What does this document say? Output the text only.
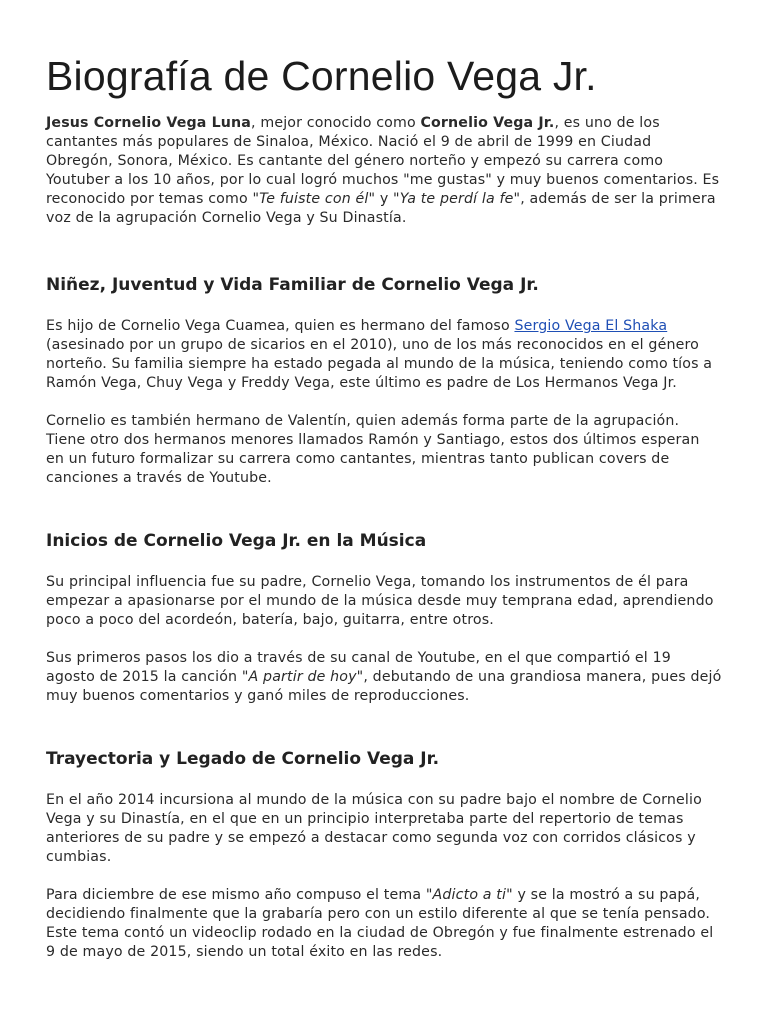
Biografía de Cornelio Vega Jr.

Jesus Cornelio Vega Luna, mejor conocido como Cornelio Vega Jr., es uno de los cantantes más populares de Sinaloa, México. Nació el 9 de abril de 1999 en Ciudad Obregón, Sonora, México. Es cantante del género norteño y empezó su carrera como Youtuber a los 10 años, por lo cual logró muchos "me gustas" y muy buenos comentarios. Es reconocido por temas como "Te fuiste con él" y "Ya te perdí la fe", además de ser la primera voz de la agrupación Cornelio Vega y Su Dinastía.

Niñez, Juventud y Vida Familiar de Cornelio Vega Jr.

Es hijo de Cornelio Vega Cuamea, quien es hermano del famoso Sergio Vega El Shaka (asesinado por un grupo de sicarios en el 2010), uno de los más reconocidos en el género norteño. Su familia siempre ha estado pegada al mundo de la música, teniendo como tíos a Ramón Vega, Chuy Vega y Freddy Vega, este último es padre de Los Hermanos Vega Jr.

Cornelio es también hermano de Valentín, quien además forma parte de la agrupación. Tiene otro dos hermanos menores llamados Ramón y Santiago, estos dos últimos esperan en un futuro formalizar su carrera como cantantes, mientras tanto publican covers de canciones a través de Youtube.

Inicios de Cornelio Vega Jr. en la Música

Su principal influencia fue su padre, Cornelio Vega, tomando los instrumentos de él para empezar a apasionarse por el mundo de la música desde muy temprana edad, aprendiendo poco a poco del acordeón, batería, bajo, guitarra, entre otros.

Sus primeros pasos los dio a través de su canal de Youtube, en el que compartió el 19 agosto de 2015 la canción "A partir de hoy", debutando de una grandiosa manera, pues dejó muy buenos comentarios y ganó miles de reproducciones.

Trayectoria y Legado de Cornelio Vega Jr.

En el año 2014 incursiona al mundo de la música con su padre bajo el nombre de Cornelio Vega y su Dinastía, en el que en un principio interpretaba parte del repertorio de temas anteriores de su padre y se empezó a destacar como segunda voz con corridos clásicos y cumbias.

Para diciembre de ese mismo año compuso el tema "Adicto a ti" y se la mostró a su papá, decidiendo finalmente que la grabaría pero con un estilo diferente al que se tenía pensado. Este tema contó un videoclip rodado en la ciudad de Obregón y fue finalmente estrenado el 9 de mayo de 2015, siendo un total éxito en las redes.
